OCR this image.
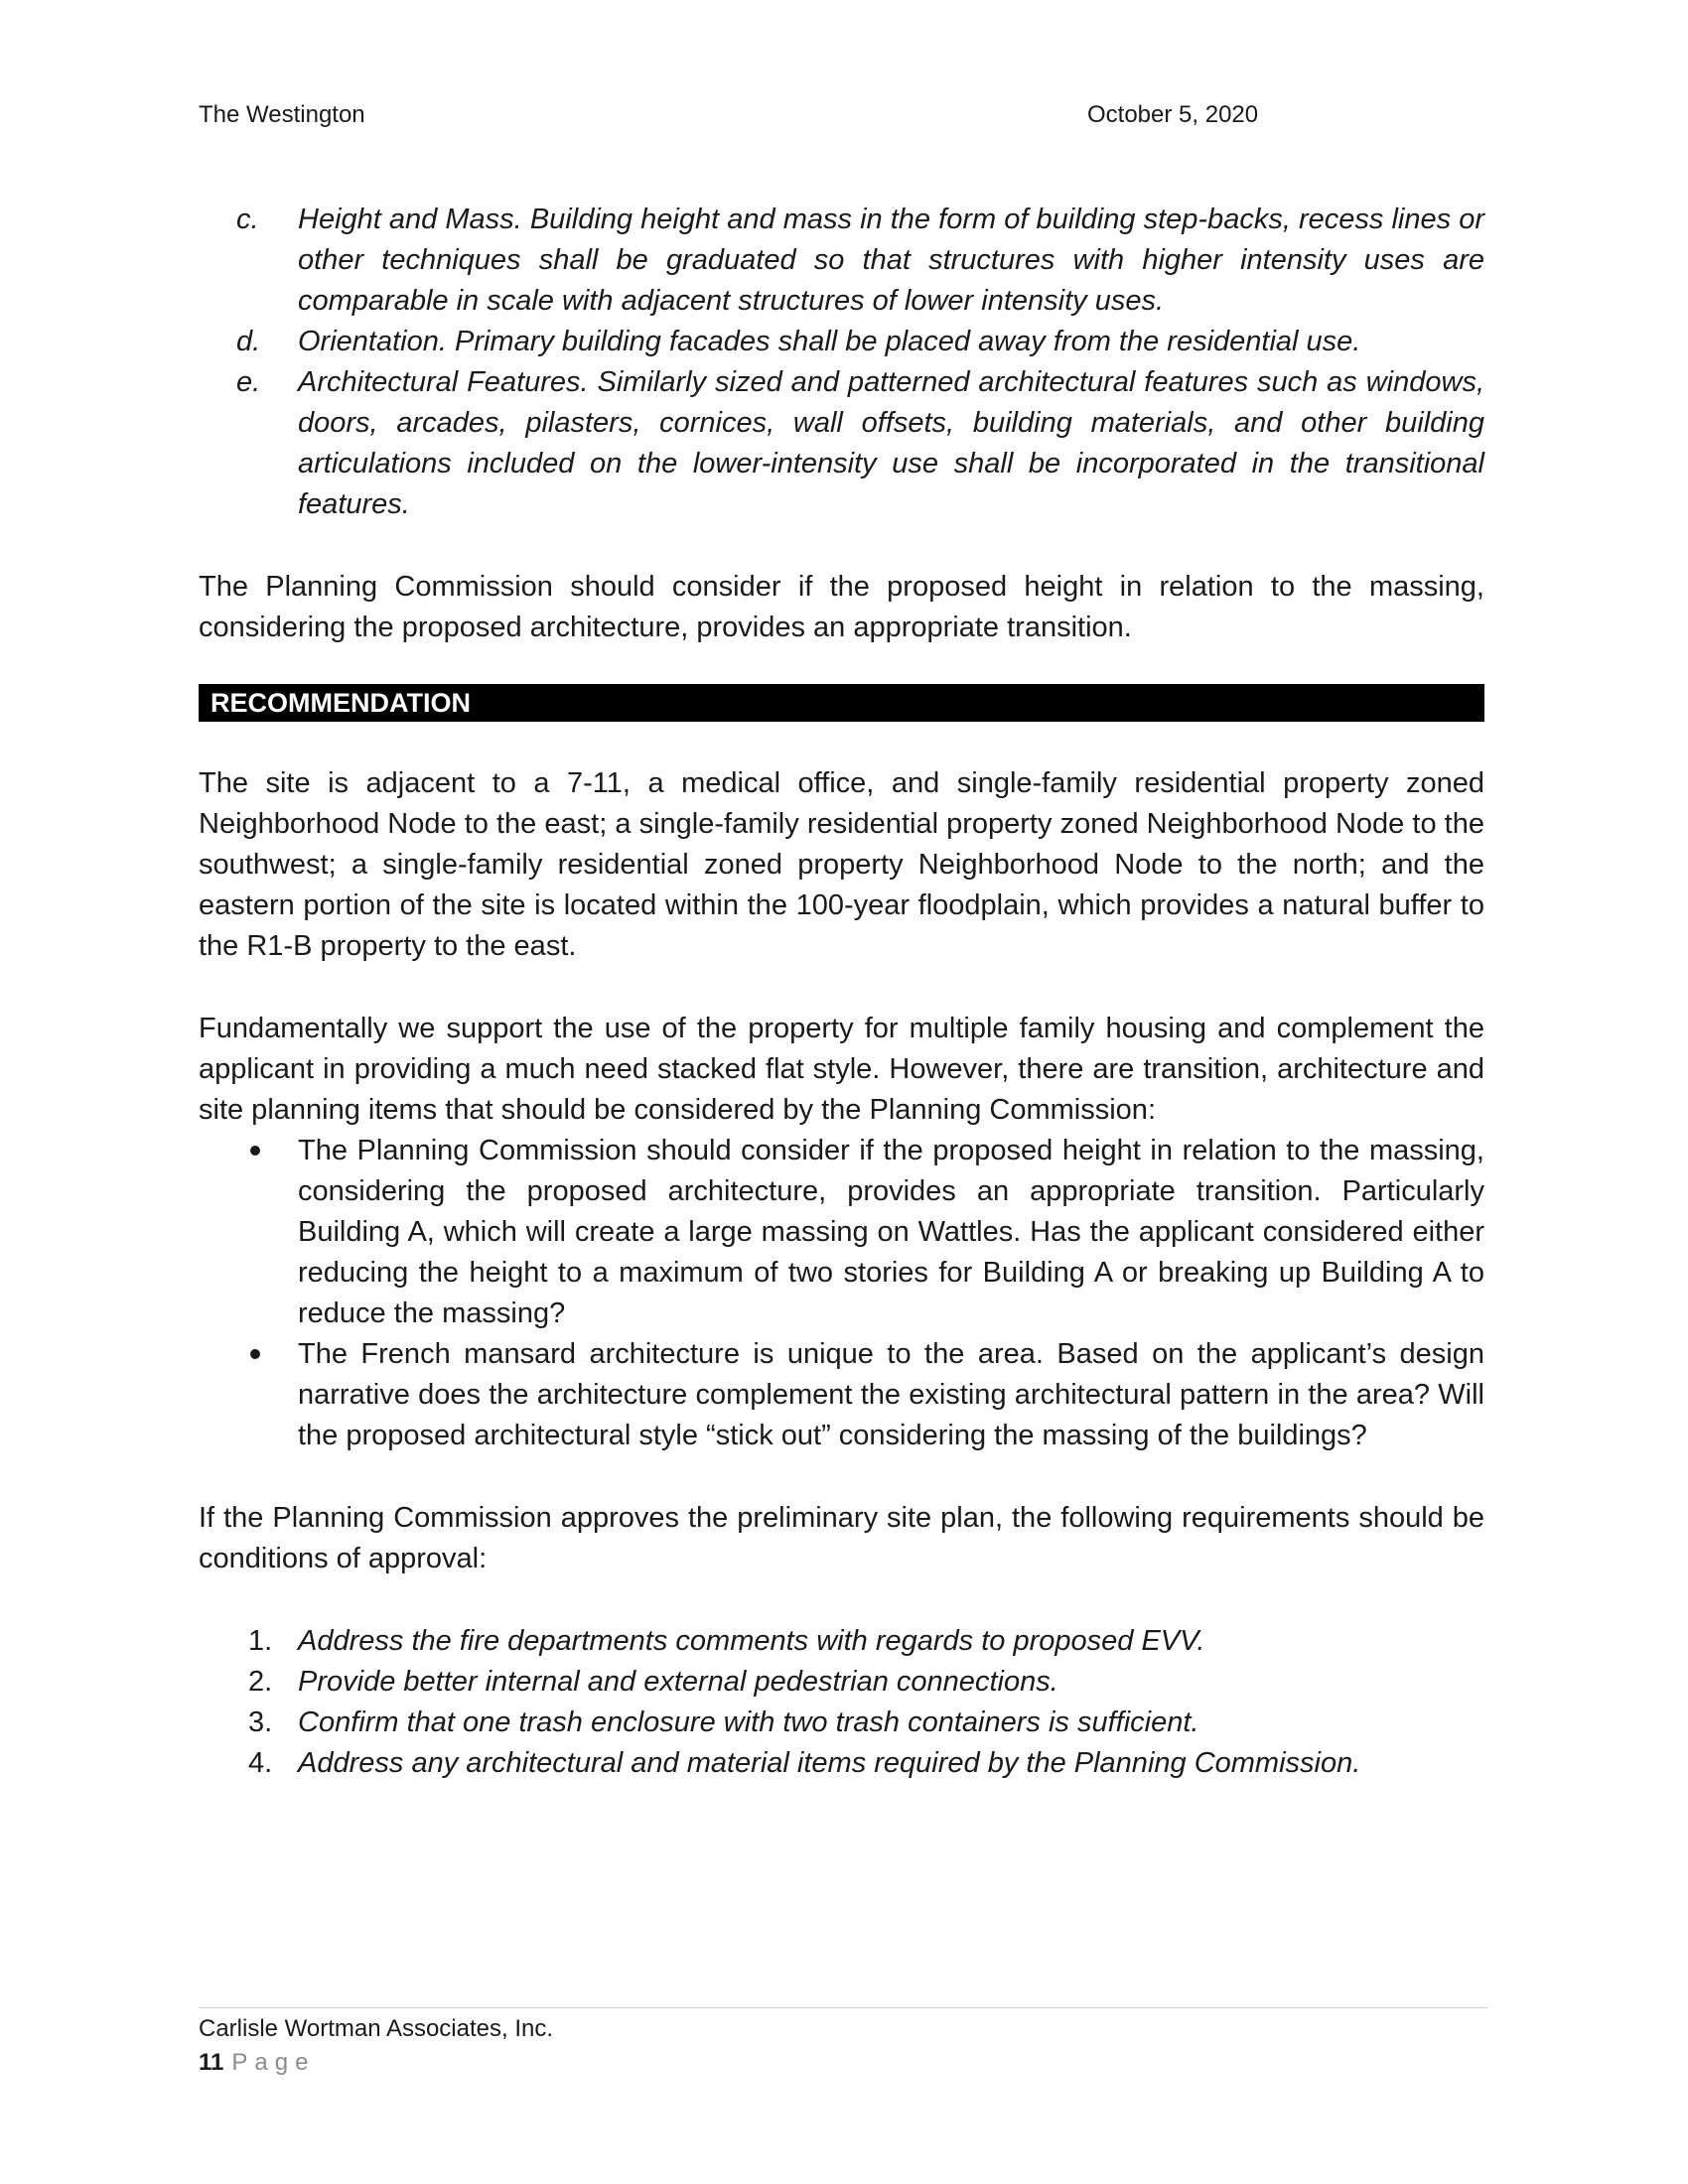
The Westington	October 5, 2020
c. Height and Mass. Building height and mass in the form of building step-backs, recess lines or other techniques shall be graduated so that structures with higher intensity uses are comparable in scale with adjacent structures of lower intensity uses.
d. Orientation. Primary building facades shall be placed away from the residential use.
e. Architectural Features. Similarly sized and patterned architectural features such as windows, doors, arcades, pilasters, cornices, wall offsets, building materials, and other building articulations included on the lower-intensity use shall be incorporated in the transitional features.
The Planning Commission should consider if the proposed height in relation to the massing, considering the proposed architecture, provides an appropriate transition.
RECOMMENDATION
The site is adjacent to a 7-11, a medical office, and single-family residential property zoned Neighborhood Node to the east; a single-family residential property zoned Neighborhood Node to the southwest; a single-family residential zoned property Neighborhood Node to the north; and the eastern portion of the site is located within the 100-year floodplain, which provides a natural buffer to the R1-B property to the east.
Fundamentally we support the use of the property for multiple family housing and complement the applicant in providing a much need stacked flat style. However, there are transition, architecture and site planning items that should be considered by the Planning Commission:
The Planning Commission should consider if the proposed height in relation to the massing, considering the proposed architecture, provides an appropriate transition. Particularly Building A, which will create a large massing on Wattles. Has the applicant considered either reducing the height to a maximum of two stories for Building A or breaking up Building A to reduce the massing?
The French mansard architecture is unique to the area. Based on the applicant’s design narrative does the architecture complement the existing architectural pattern in the area? Will the proposed architectural style “stick out” considering the massing of the buildings?
If the Planning Commission approves the preliminary site plan, the following requirements should be conditions of approval:
1. Address the fire departments comments with regards to proposed EVV.
2. Provide better internal and external pedestrian connections.
3. Confirm that one trash enclosure with two trash containers is sufficient.
4. Address any architectural and material items required by the Planning Commission.
Carlisle Wortman Associates, Inc.
11 Page
